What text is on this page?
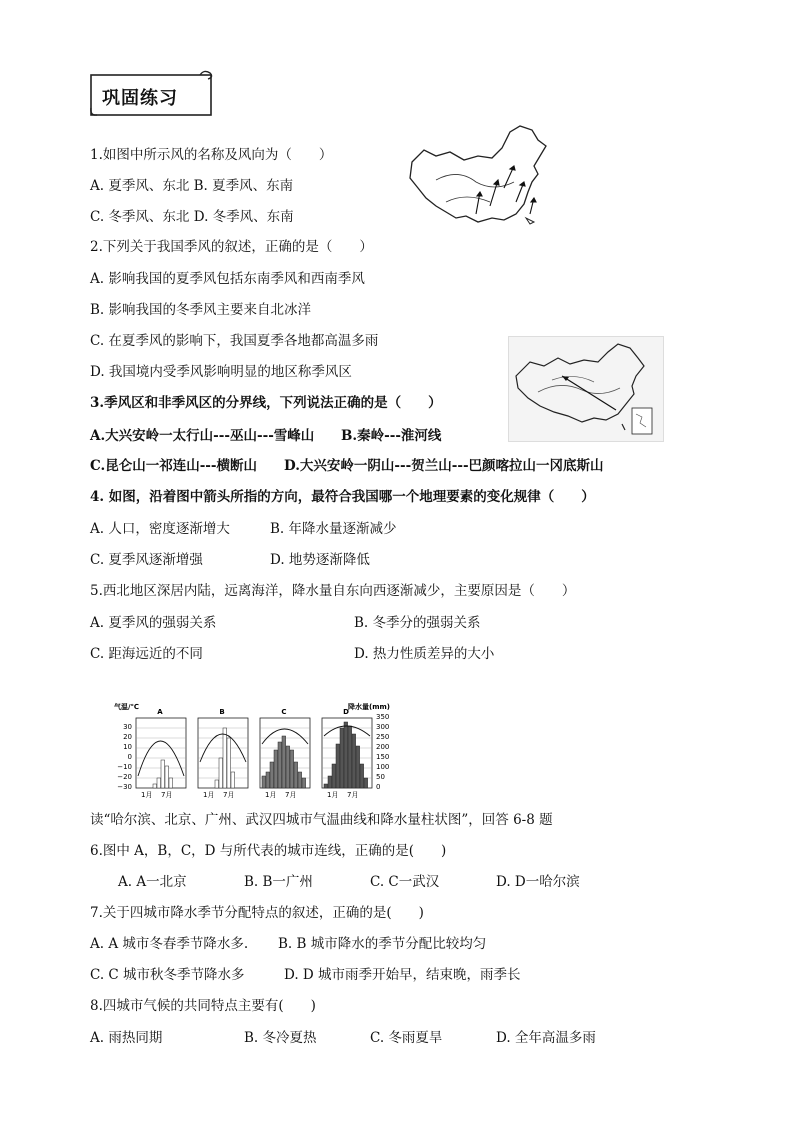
巩固练习
1.如图中所示风的名称及风向为（　　）
A. 夏季风、东北 B. 夏季风、东南
C. 冬季风、东北 D. 冬季风、东南
2.下列关于我国季风的叙述，正确的是（　　）
A. 影响我国的夏季风包括东南季风和西南季风
B. 影响我国的冬季风主要来自北冰洋
C. 在夏季风的影响下，我国夏季各地都高温多雨
D. 我国境内受季风影响明显的地区称季风区
3.季风区和非季风区的分界线，下列说法正确的是（　　）
A.大兴安岭一太行山---巫山---雪峰山 B.秦岭---淮河线
C.昆仑山一祁连山---横断山 D.大兴安岭一阴山---贺兰山---巴颜喀拉山一冈底斯山
4. 如图，沿着图中箭头所指的方向，最符合我国哪一个地理要素的变化规律（　　）
A. 人口，密度逐渐增大	B. 年降水量逐渐减少
C. 夏季风逐渐增强	D. 地势逐渐降低
5.西北地区深居内陆，远离海洋，降水量自东向西逐渐减少，主要原因是（　　）
A. 夏季风的强弱关系	B. 冬季分的强弱关系
C. 距海远近的不同	D. 热力性质差异的大小
气温/℃	降水量(mm)
30
20
10
0
−10
−20
−30
350
300
250
200
150
100
50
0
A
1月 7月
B
1月 7月
C
1月 7月
D
1月 7月
读“哈尔滨、北京、广州、武汉四城市气温曲线和降水量柱状图”，回答 6-8 题
6.图中 A，B，C，D 与所代表的城市连线，正确的是(　　)
A. A一北京	B. B一广州	C. C一武汉	D. D一哈尔滨
7.关于四城市降水季节分配特点的叙述，正确的是(　　)
A. A 城市冬春季节降水多. B. B 城市降水的季节分配比较均匀
C. C 城市秋冬季节降水多	D. D 城市雨季开始早，结束晚，雨季长
8.四城市气候的共同特点主要有(　　)
A. 雨热同期	B. 冬冷夏热	C. 冬雨夏旱	D. 全年高温多雨
